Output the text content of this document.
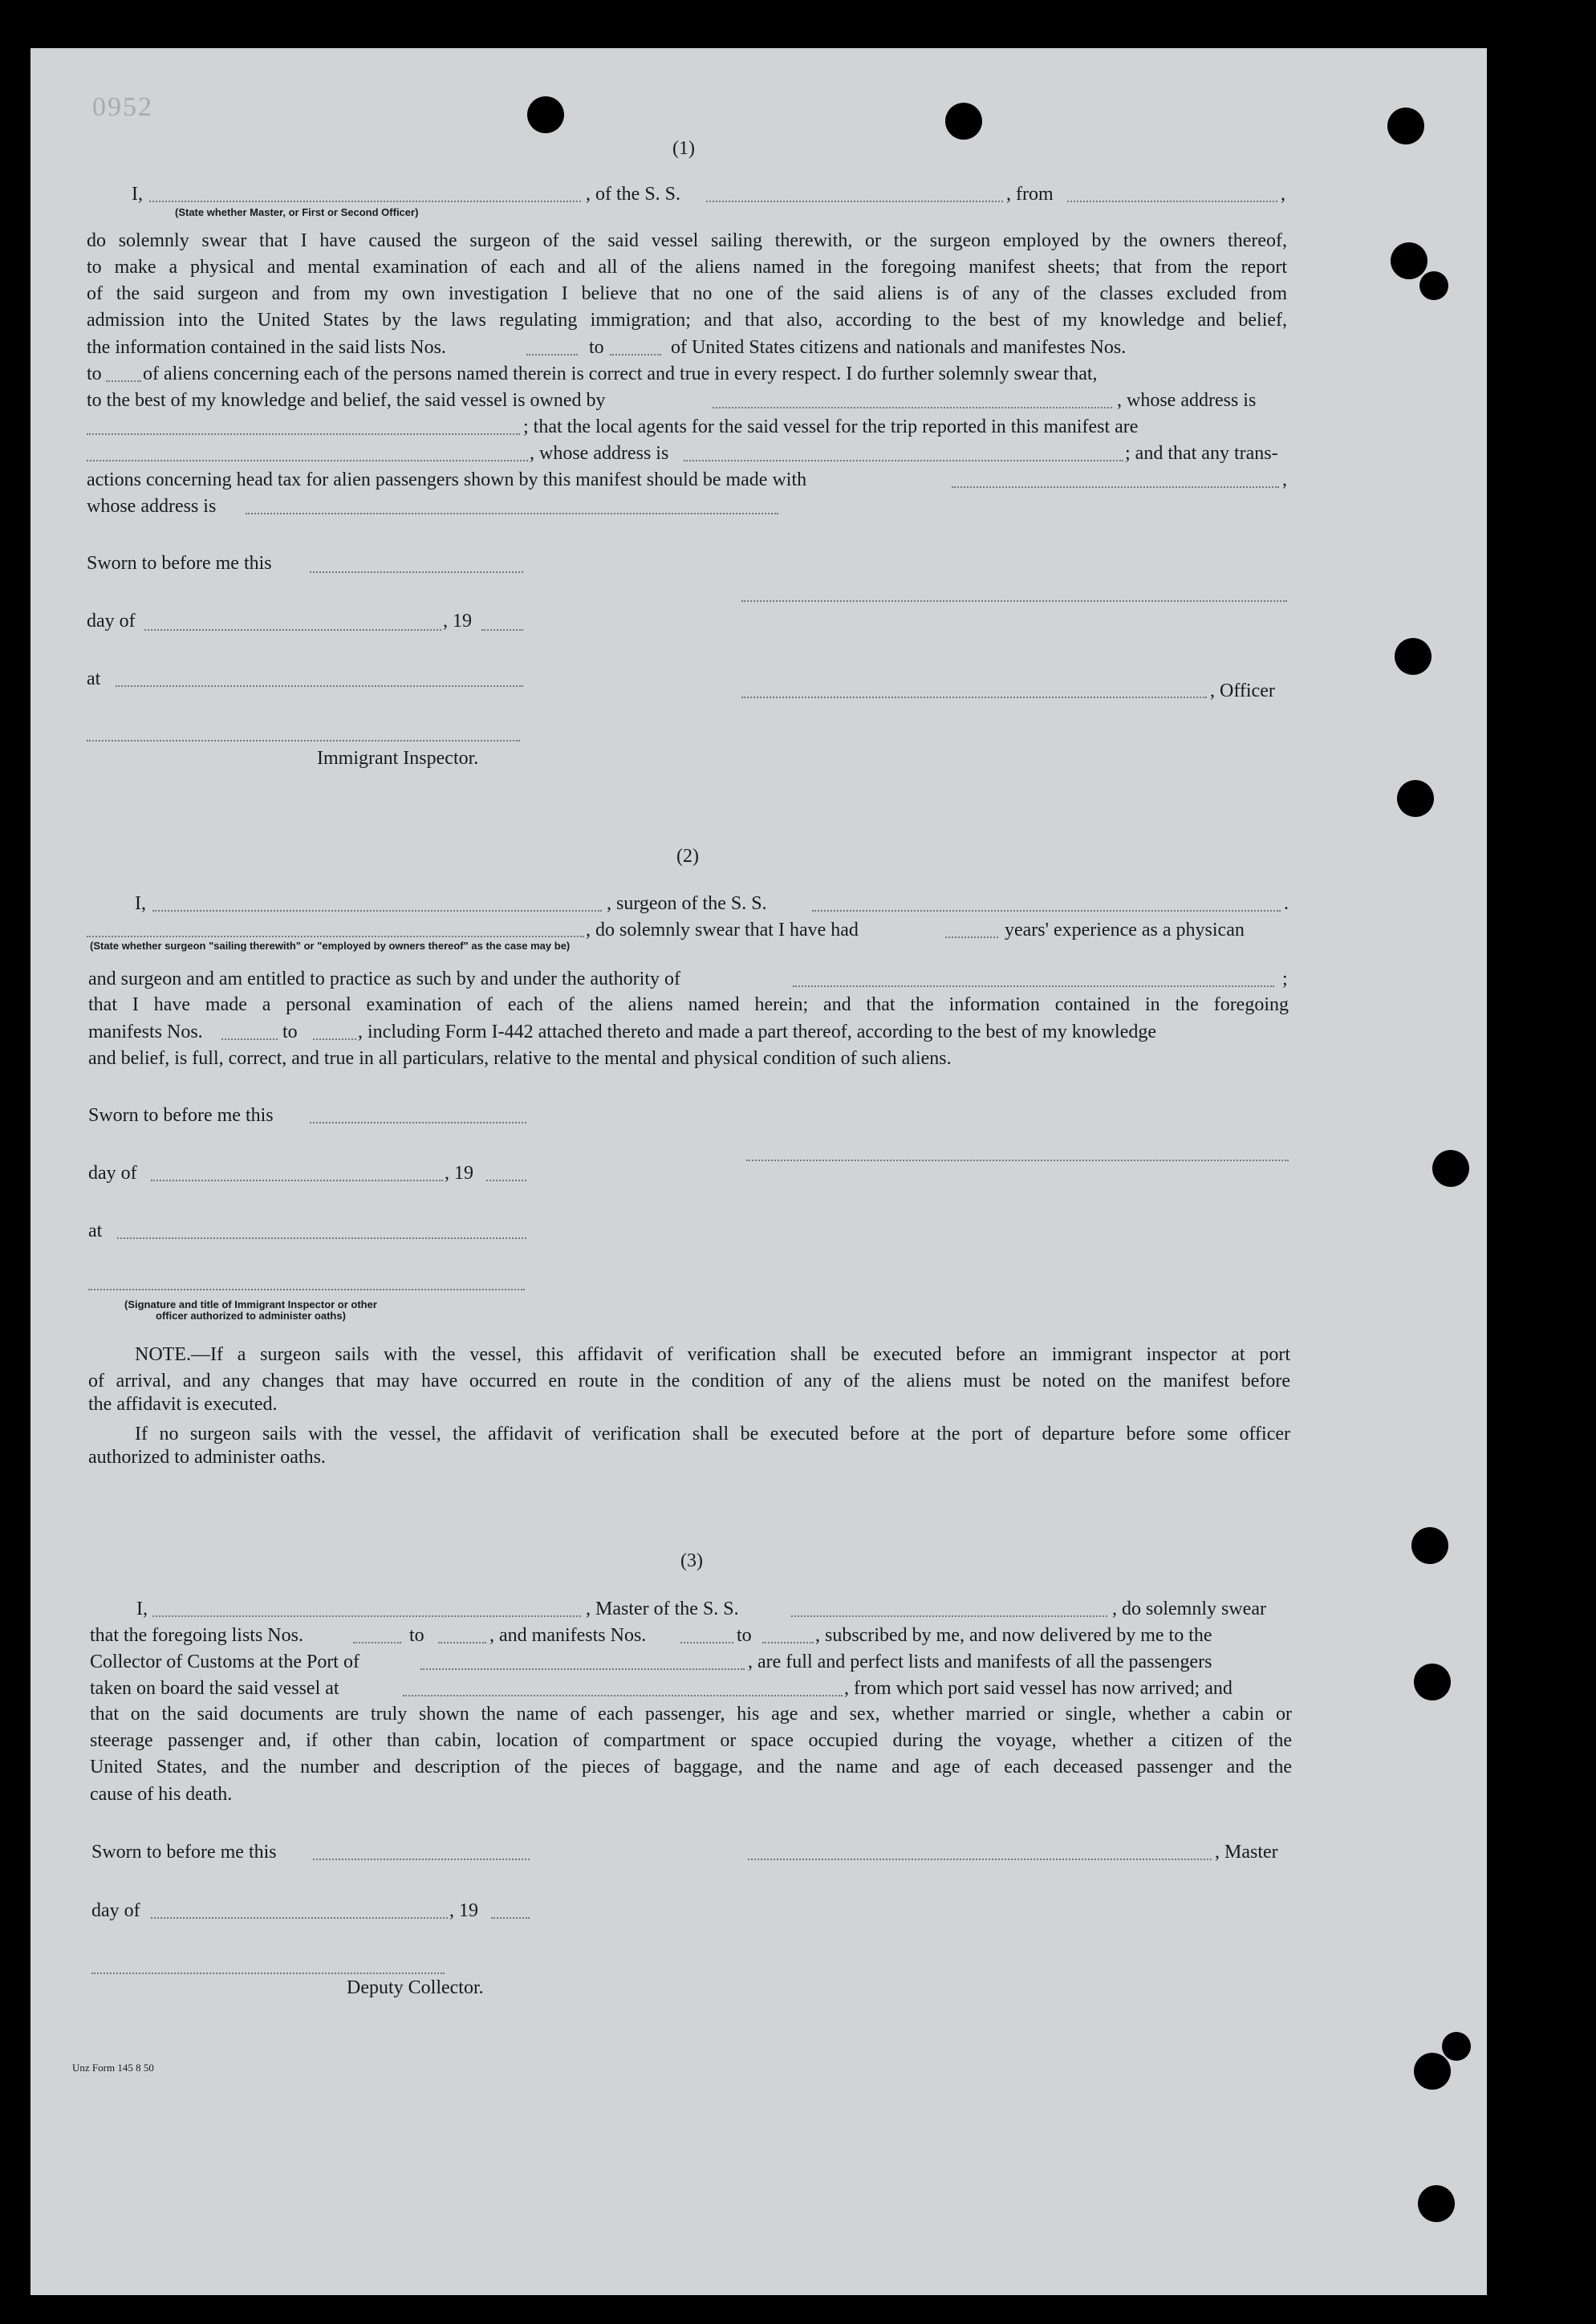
0952
(1)
I,	, of the S. S.	, from	,
(State whether Master, or First or Second Officer)
do solemnly swear that I have caused the surgeon of the said vessel sailing therewith, or the surgeon employed by the owners thereof,
to make a physical and mental examination of each and all of the aliens named in the foregoing manifest sheets; that from the report
of the said surgeon and from my own investigation I believe that no one of the said aliens is of any of the classes excluded from
admission into the United States by the laws regulating immigration; and that also, according to the best of my knowledge and belief,
the information contained in the said lists Nos.	to	of United States citizens and nationals and manifestes Nos.
to of aliens concerning each of the persons named therein is correct and true in every respect. I do further solemnly swear that,
to the best of my knowledge and belief, the said vessel is owned by	, whose address is
; that the local agents for the said vessel for the trip reported in this manifest are
, whose address is	; and that any trans-
actions concerning head tax for alien passengers shown by this manifest should be made with	,
whose address is
Sworn to before me this
day of	, 19
at
, Officer
Immigrant Inspector.
(2)
I,	, surgeon of the S. S.	.
, do solemnly swear that I have had	years' experience as a physican
(State whether surgeon "sailing therewith" or "employed by owners thereof" as the case may be)
and surgeon and am entitled to practice as such by and under the authority of	;
that I have made a personal examination of each of the aliens named herein; and that the information contained in the foregoing
manifests Nos.	to	, including Form I-442 attached thereto and made a part thereof, according to the best of my knowledge
and belief, is full, correct, and true in all particulars, relative to the mental and physical condition of such aliens.
Sworn to before me this
day of	, 19
at
(Signature and title of Immigrant Inspector or other
officer authorized to administer oaths)
NOTE.—If a surgeon sails with the vessel, this affidavit of verification shall be executed before an immigrant inspector at port
of arrival, and any changes that may have occurred en route in the condition of any of the aliens must be noted on the manifest before
the affidavit is executed.
If no surgeon sails with the vessel, the affidavit of verification shall be executed before at the port of departure before some officer
authorized to administer oaths.
(3)
I,	, Master of the S. S.	, do solemnly swear
that the foregoing lists Nos.	to	, and manifests Nos.	to	, subscribed by me, and now delivered by me to the
Collector of Customs at the Port of	, are full and perfect lists and manifests of all the passengers
taken on board the said vessel at	, from which port said vessel has now arrived; and
that on the said documents are truly shown the name of each passenger, his age and sex, whether married or single, whether a cabin or
steerage passenger and, if other than cabin, location of compartment or space occupied during the voyage, whether a citizen of the
United States, and the number and description of the pieces of baggage, and the name and age of each deceased passenger and the
cause of his death.
Sworn to before me this	, Master
day of	, 19
Deputy Collector.
Unz Form 145 8 50
